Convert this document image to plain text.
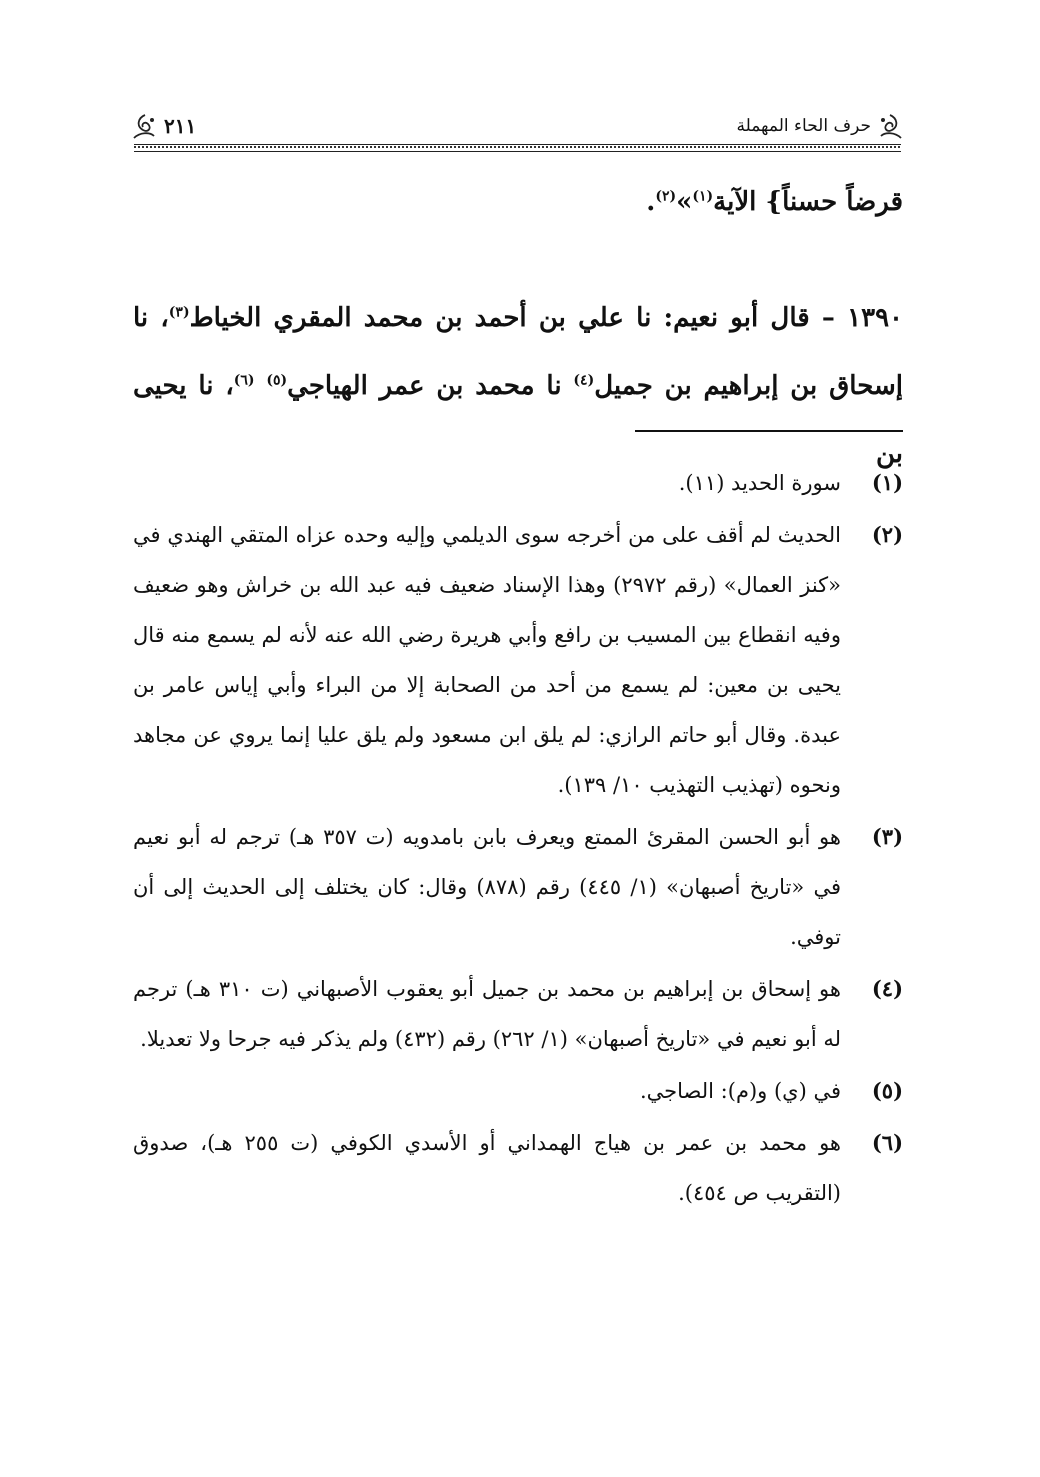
حرف الحاء المهملة
٢١١
قرضاً حسناً} الآية$^{(١)}$»$^{(٢)}$.
١٣٩٠ – قال أبو نعيم: نا علي بن أحمد بن محمد المقري الخياط$^{(٣)}$، نا إسحاق بن إبراهيم بن جميل$^{(٤)}$ نا محمد بن عمر الهياجي$^{(٥)}$ $^{(٦)}$، نا يحيى بن
(١)
سورة الحديد (١١).
(٢)
الحديث لم أقف على من أخرجه سوى الديلمي وإليه وحده عزاه المتقي الهندي في «كنز العمال» (رقم ٢٩٧٢) وهذا الإسناد ضعيف فيه عبد الله بن خراش وهو ضعيف وفيه انقطاع بين المسيب بن رافع وأبي هريرة رضي الله عنه لأنه لم يسمع منه قال يحيى بن معين: لم يسمع من أحد من الصحابة إلا من البراء وأبي إياس عامر بن عبدة. وقال أبو حاتم الرازي: لم يلق ابن مسعود ولم يلق عليا إنما يروي عن مجاهد ونحوه (تهذيب التهذيب ١٠/ ١٣٩).
(٣)
هو أبو الحسن المقرئ الممتع ويعرف بابن بامدويه (ت ٣٥٧ هـ) ترجم له أبو نعيم في «تاريخ أصبهان» (١/ ٤٤٥) رقم (٨٧٨) وقال: كان يختلف إلى الحديث إلى أن توفي.
(٤)
هو إسحاق بن إبراهيم بن محمد بن جميل أبو يعقوب الأصبهاني (ت ٣١٠ هـ) ترجم له أبو نعيم في «تاريخ أصبهان» (١/ ٢٦٢) رقم (٤٣٢) ولم يذكر فيه جرحا ولا تعديلا.
(٥)
في (ي) و(م): الصاجي.
(٦)
هو محمد بن عمر بن هياج الهمداني أو الأسدي الكوفي (ت ٢٥٥ هـ)، صدوق (التقريب ص ٤٥٤).
